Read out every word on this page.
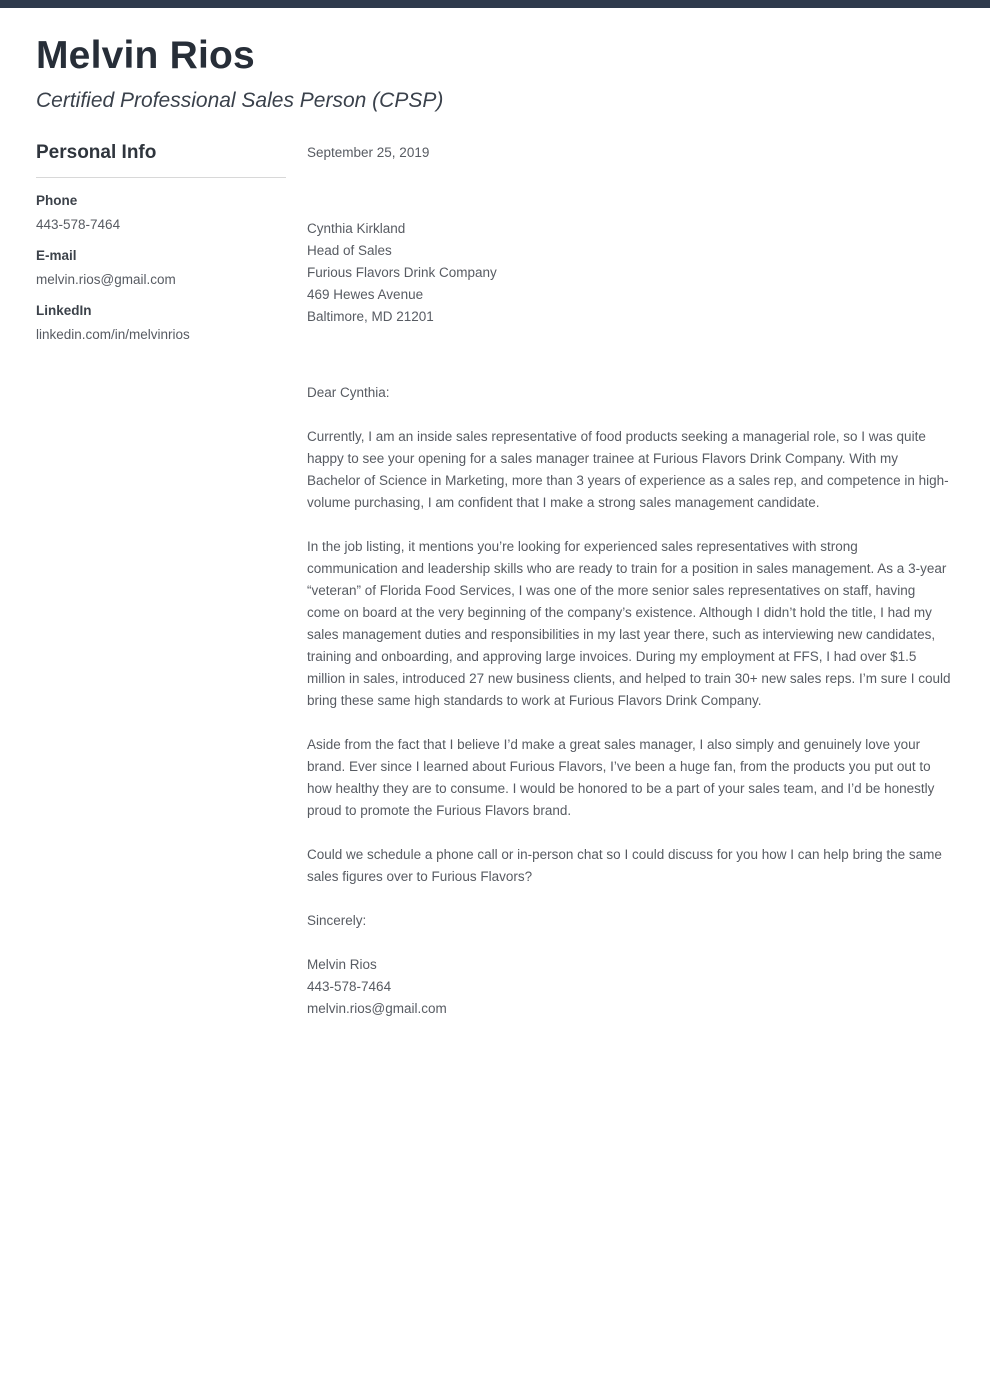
Melvin Rios
Certified Professional Sales Person (CPSP)
Personal Info
Phone
443-578-7464
E-mail
melvin.rios@gmail.com
LinkedIn
linkedin.com/in/melvinrios

September 25, 2019

Cynthia Kirkland
Head of Sales
Furious Flavors Drink Company
469 Hewes Avenue
Baltimore, MD 21201

Dear Cynthia:

Currently, I am an inside sales representative of food products seeking a managerial role, so I was quite happy to see your opening for a sales manager trainee at Furious Flavors Drink Company. With my Bachelor of Science in Marketing, more than 3 years of experience as a sales rep, and competence in high-volume purchasing, I am confident that I make a strong sales management candidate.

In the job listing, it mentions you’re looking for experienced sales representatives with strong communication and leadership skills who are ready to train for a position in sales management. As a 3-year “veteran” of Florida Food Services, I was one of the more senior sales representatives on staff, having come on board at the very beginning of the company’s existence. Although I didn’t hold the title, I had my sales management duties and responsibilities in my last year there, such as interviewing new candidates, training and onboarding, and approving large invoices. During my employment at FFS, I had over $1.5 million in sales, introduced 27 new business clients, and helped to train 30+ new sales reps. I’m sure I could bring these same high standards to work at Furious Flavors Drink Company.

Aside from the fact that I believe I’d make a great sales manager, I also simply and genuinely love your brand. Ever since I learned about Furious Flavors, I’ve been a huge fan, from the products you put out to how healthy they are to consume. I would be honored to be a part of your sales team, and I’d be honestly proud to promote the Furious Flavors brand.

Could we schedule a phone call or in-person chat so I could discuss for you how I can help bring the same sales figures over to Furious Flavors?

Sincerely:

Melvin Rios
443-578-7464
melvin.rios@gmail.com
